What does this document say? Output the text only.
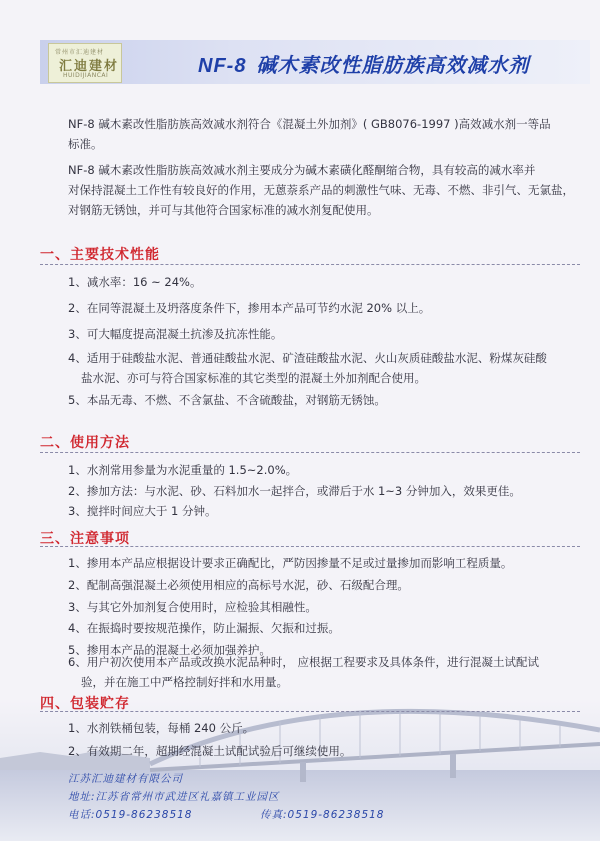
常州市汇迪建材
汇迪建材
HUIDIJIANCAI	NF-8 碱木素改性脂肪族高效减水剂

NF-8 碱木素改性脂肪族高效减水剂符合《混凝土外加剂》( GB8076-1997 )高效减水剂一等品
标准。

NF-8 碱木素改性脂肪族高效减水剂主要成分为碱木素磺化醛酮缩合物，具有较高的减水率并
对保持混凝土工作性有较良好的作用，无蒽萘系产品的刺激性气味、无毒、不燃、非引气、无氯盐，
对钢筋无锈蚀，并可与其他符合国家标准的减水剂复配使用。

一、主要技术性能

1、减水率：16 ~ 24%。

2、在同等混凝土及坍落度条件下，掺用本产品可节约水泥 20% 以上。

3、可大幅度提高混凝土抗渗及抗冻性能。

4、适用于硅酸盐水泥、普通硅酸盐水泥、矿渣硅酸盐水泥、火山灰质硅酸盐水泥、粉煤灰硅酸
盐水泥、亦可与符合国家标准的其它类型的混凝土外加剂配合使用。

5、本品无毒、不燃、不含氯盐、不含硫酸盐，对钢筋无锈蚀。

二、使用方法

1、水剂常用参量为水泥重量的 1.5~2.0%。

2、掺加方法：与水泥、砂、石料加水一起拌合，或滞后于水 1~3 分钟加入，效果更佳。

3、搅拌时间应大于 1 分钟。

三、注意事项

1、掺用本产品应根据设计要求正确配比，严防因掺量不足或过量掺加而影响工程质量。

2、配制高强混凝土必须使用相应的高标号水泥，砂、石级配合理。

3、与其它外加剂复合使用时，应检验其相融性。

4、在振捣时要按规范操作，防止漏振、欠振和过振。

5、掺用本产品的混凝土必须加强养护。

6、用户初次使用本产品或改换水泥品种时， 应根据工程要求及具体条件，进行混凝土试配试
验，并在施工中严格控制好拌和水用量。

四、包装贮存

1、水剂铁桶包装，每桶 240 公斤。

2、有效期二年，超期经混凝土试配试验后可继续使用。

江苏汇迪建材有限公司

地址:江苏省常州市武进区礼嘉镇工业园区

电话:0519-86238518	传真:0519-86238518
